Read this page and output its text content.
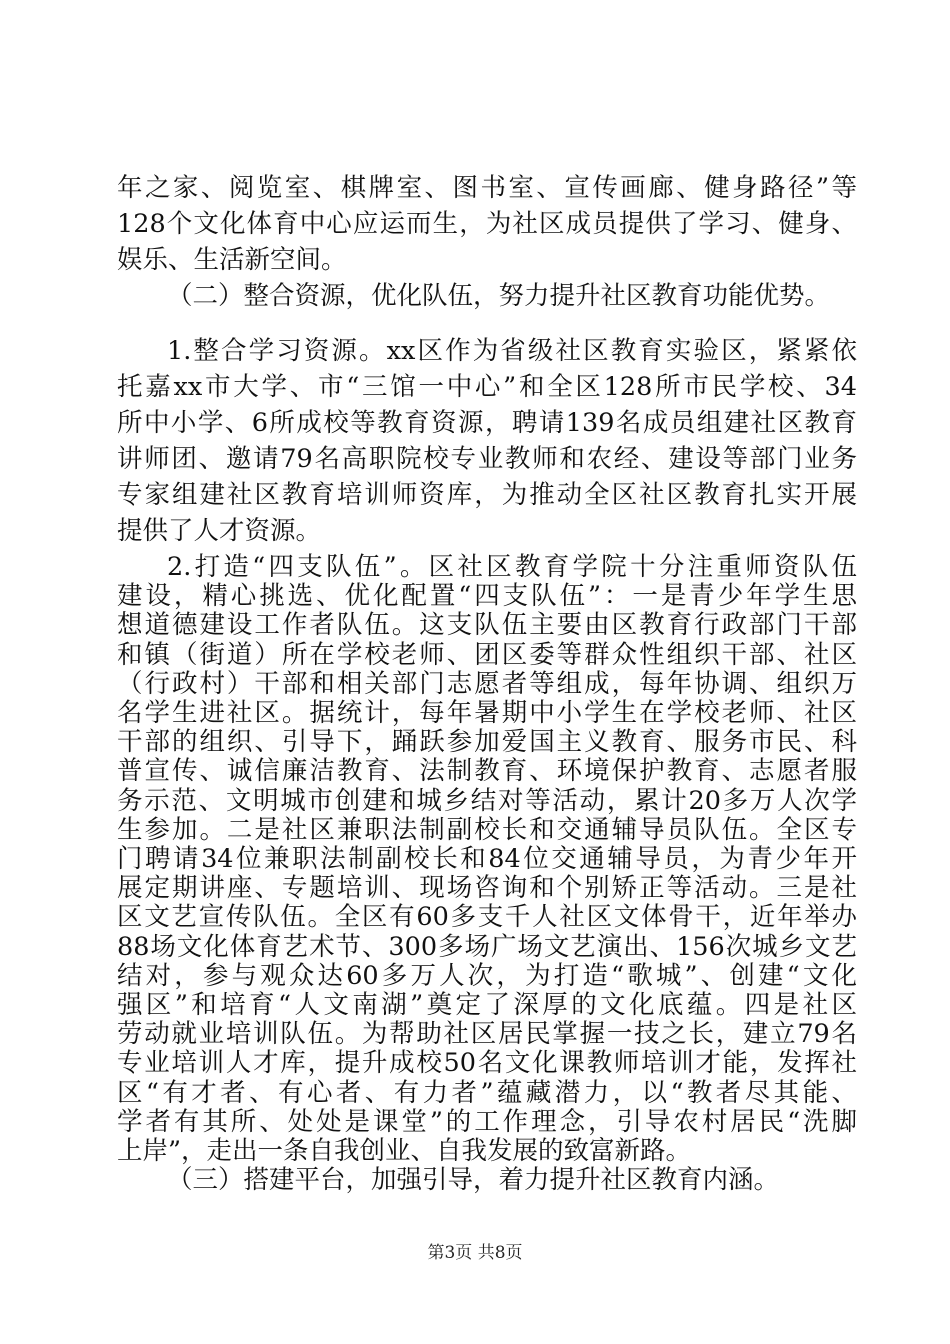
年之家、阅览室、棋牌室、图书室、宣传画廊、健身路径”等
128个文化体育中心应运而生，为社区成员提供了学习、健身、
娱乐、生活新空间。
（二）整合资源，优化队伍，努力提升社区教育功能优势。
1.整合学习资源。xx区作为省级社区教育实验区，紧紧依
托嘉xx市大学、市“三馆一中心”和全区128所市民学校、34
所中小学、6所成校等教育资源，聘请139名成员组建社区教育
讲师团、邀请79名高职院校专业教师和农经、建设等部门业务
专家组建社区教育培训师资库，为推动全区社区教育扎实开展
提供了人才资源。
2.打造“四支队伍”。区社区教育学院十分注重师资队伍
建设，精心挑选、优化配置“四支队伍”：一是青少年学生思
想道德建设工作者队伍。这支队伍主要由区教育行政部门干部
和镇（街道）所在学校老师、团区委等群众性组织干部、社区
（行政村）干部和相关部门志愿者等组成，每年协调、组织万
名学生进社区。据统计，每年暑期中小学生在学校老师、社区
干部的组织、引导下，踊跃参加爱国主义教育、服务市民、科
普宣传、诚信廉洁教育、法制教育、环境保护教育、志愿者服
务示范、文明城市创建和城乡结对等活动，累计20多万人次学
生参加。二是社区兼职法制副校长和交通辅导员队伍。全区专
门聘请34位兼职法制副校长和84位交通辅导员，为青少年开
展定期讲座、专题培训、现场咨询和个别矫正等活动。三是社
区文艺宣传队伍。全区有60多支千人社区文体骨干，近年举办
88场文化体育艺术节、300多场广场文艺演出、156次城乡文艺
结对，参与观众达60多万人次，为打造“歌城”、创建“文化
强区”和培育“人文南湖”奠定了深厚的文化底蕴。四是社区
劳动就业培训队伍。为帮助社区居民掌握一技之长，建立79名
专业培训人才库，提升成校50名文化课教师培训才能，发挥社
区“有才者、有心者、有力者”蕴藏潜力，以“教者尽其能、
学者有其所、处处是课堂”的工作理念，引导农村居民“洗脚
上岸”，走出一条自我创业、自我发展的致富新路。
（三）搭建平台，加强引导，着力提升社区教育内涵。
第3页 共8页
